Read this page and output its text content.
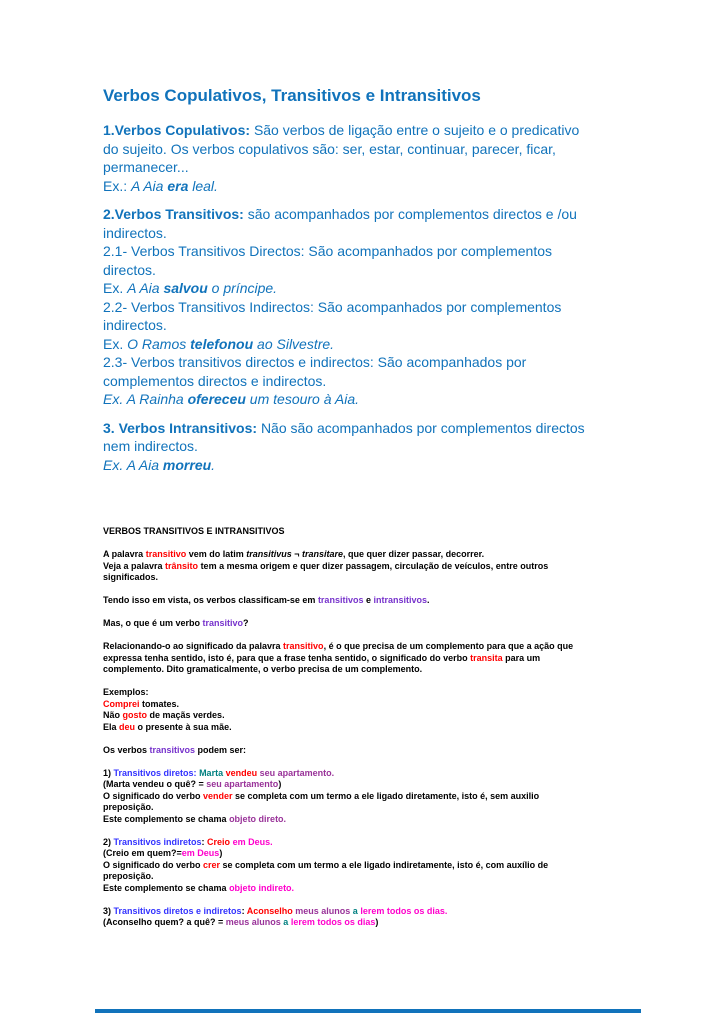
Verbos Copulativos, Transitivos e Intransitivos
1.Verbos Copulativos: São verbos de ligação entre o sujeito e o predicativo
do sujeito. Os verbos copulativos são: ser, estar, continuar, parecer, ficar,
permanecer...
Ex.: A Aia era leal.
2.Verbos Transitivos: são acompanhados por complementos directos e /ou
indirectos.
2.1- Verbos Transitivos Directos: São acompanhados por complementos
directos.
Ex. A Aia salvou o príncipe.
2.2- Verbos Transitivos Indirectos: São acompanhados por complementos
indirectos.
Ex. O Ramos telefonou ao Silvestre.
2.3- Verbos transitivos directos e indirectos: São acompanhados por
complementos directos e indirectos.
Ex. A Rainha ofereceu um tesouro à Aia.
3. Verbos Intransitivos: Não são acompanhados por complementos directos
nem indirectos.
Ex. A Aia morreu.
VERBOS TRANSITIVOS E INTRANSITIVOS
A palavra transitivo vem do latim transitivus ¬ transitare, que quer dizer passar, decorrer.
Veja a palavra trânsito tem a mesma origem e quer dizer passagem, circulação de veículos, entre outros
significados.
Tendo isso em vista, os verbos classificam-se em transitivos e intransitivos.
Mas, o que é um verbo transitivo?
Relacionando-o ao significado da palavra transitivo, é o que precisa de um complemento para que a ação que
expressa tenha sentido, isto é, para que a frase tenha sentido, o significado do verbo transita para um
complemento. Dito gramaticalmente, o verbo precisa de um complemento.
Exemplos:
Comprei tomates.
Não gosto de maçãs verdes.
Ela deu o presente à sua mãe.
Os verbos transitivos podem ser:
1) Transitivos diretos: Marta vendeu seu apartamento.
(Marta vendeu o quê? = seu apartamento)
O significado do verbo vender se completa com um termo a ele ligado diretamente, isto é, sem auxilio
preposição.
Este complemento se chama objeto direto.
2) Transitivos indiretos: Creio em Deus.
(Creio em quem?=em Deus)
O significado do verbo crer se completa com um termo a ele ligado indiretamente, isto é, com auxílio de
preposição.
Este complemento se chama objeto indireto.
3) Transitivos diretos e indiretos: Aconselho meus alunos a lerem todos os dias.
(Aconselho quem? a quê? = meus alunos a lerem todos os dias)
